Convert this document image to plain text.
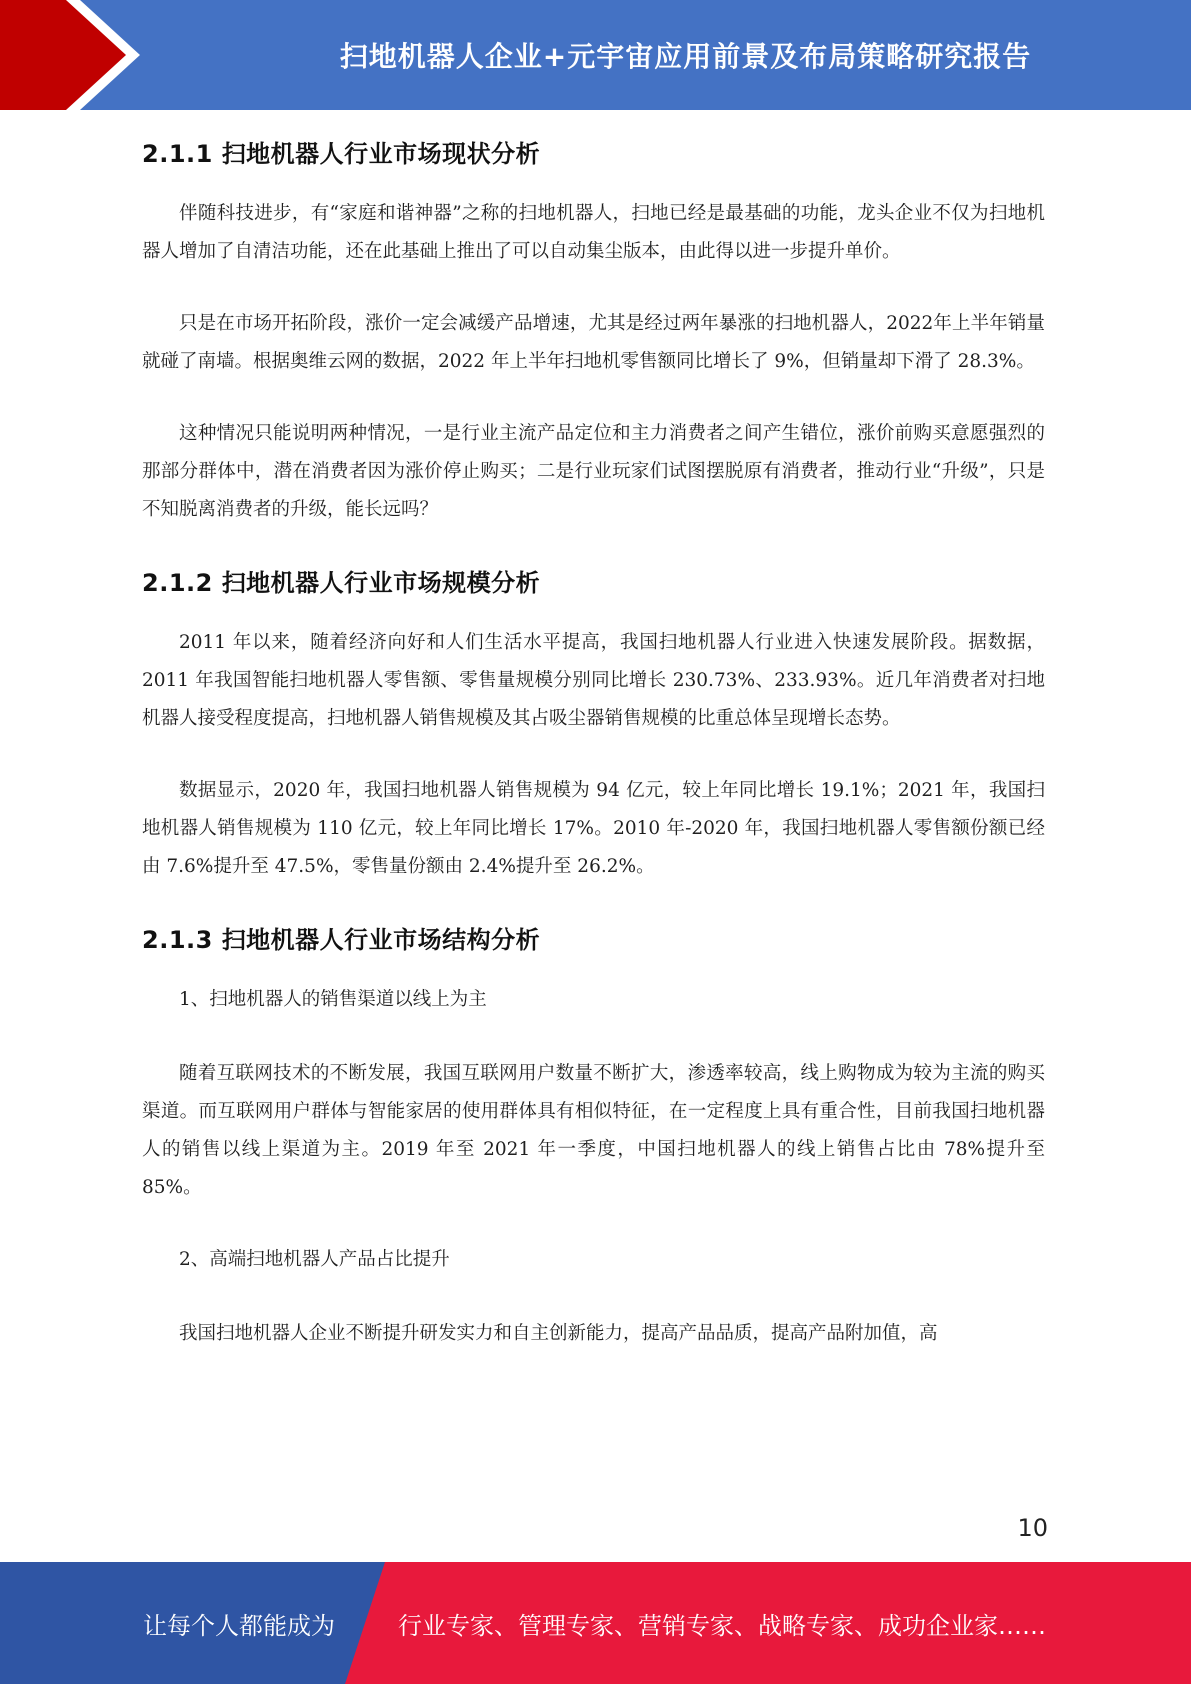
扫地机器人企业+元宇宙应用前景及布局策略研究报告
2.1.1 扫地机器人行业市场现状分析

伴随科技进步，有“家庭和谐神器”之称的扫地机器人，扫地已经是最基础的功能，龙头企业不仅为扫地机器人增加了自清洁功能，还在此基础上推出了可以自动集尘版本，由此得以进一步提升单价。

只是在市场开拓阶段，涨价一定会减缓产品增速，尤其是经过两年暴涨的扫地机器人，2022年上半年销量就碰了南墙。根据奥维云网的数据，2022 年上半年扫地机零售额同比增长了 9%，但销量却下滑了 28.3%。

这种情况只能说明两种情况，一是行业主流产品定位和主力消费者之间产生错位，涨价前购买意愿强烈的那部分群体中，潜在消费者因为涨价停止购买；二是行业玩家们试图摆脱原有消费者，推动行业“升级”，只是不知脱离消费者的升级，能长远吗？

2.1.2 扫地机器人行业市场规模分析

2011 年以来，随着经济向好和人们生活水平提高，我国扫地机器人行业进入快速发展阶段。据数据，2011 年我国智能扫地机器人零售额、零售量规模分别同比增长 230.73%、233.93%。近几年消费者对扫地机器人接受程度提高，扫地机器人销售规模及其占吸尘器销售规模的比重总体呈现增长态势。

数据显示，2020 年，我国扫地机器人销售规模为 94 亿元，较上年同比增长 19.1%；2021 年，我国扫地机器人销售规模为 110 亿元，较上年同比增长 17%。2010 年-2020 年，我国扫地机器人零售额份额已经由 7.6%提升至 47.5%，零售量份额由 2.4%提升至 26.2%。

2.1.3 扫地机器人行业市场结构分析

1、扫地机器人的销售渠道以线上为主

随着互联网技术的不断发展，我国互联网用户数量不断扩大，渗透率较高，线上购物成为较为主流的购买渠道。而互联网用户群体与智能家居的使用群体具有相似特征，在一定程度上具有重合性，目前我国扫地机器人的销售以线上渠道为主。2019 年至 2021 年一季度，中国扫地机器人的线上销售占比由 78%提升至 85%。

2、高端扫地机器人产品占比提升

我国扫地机器人企业不断提升研发实力和自主创新能力，提高产品品质，提高产品附加值，高

10
让每个人都能成为	行业专家、管理专家、营销专家、战略专家、成功企业家……
